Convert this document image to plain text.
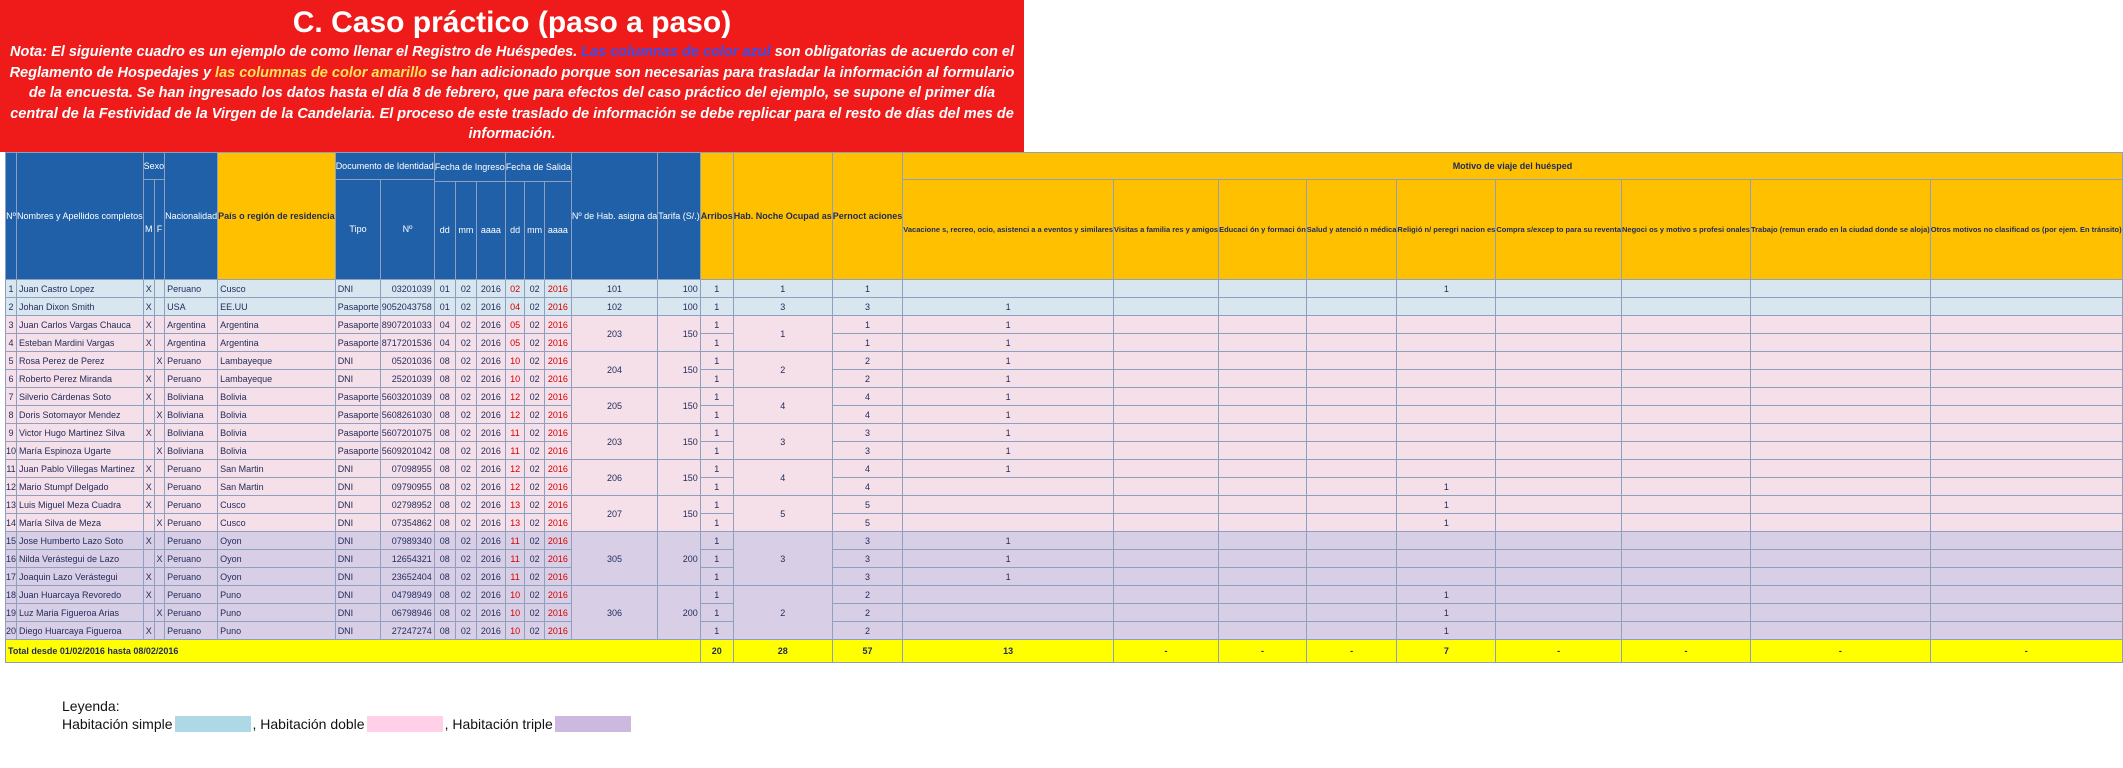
C. Caso práctico (paso a paso)

Nota: El siguiente cuadro es un ejemplo de como llenar el Registro de Huéspedes. Las columnas de color azul son obligatorias de acuerdo con el Reglamento de Hospedajes y las columnas de color amarillo se han adicionado porque son necesarias para trasladar la información al formulario de la encuesta. Se han ingresado los datos hasta el día 8 de febrero, que para efectos del caso práctico del ejemplo, se supone el primer día central de la Festividad de la Virgen de la Candelaria. El proceso de este traslado de información se debe replicar para el resto de días del mes de información.

Nº	Nombres y Apellidos completos	Sexo		Nacionalidad	País o región de residencia	Documento de Identidad		Fecha de Ingreso			Fecha de Salida			Nº de Hab. asigna da	Tarifa (S/.)	Arribos	Hab. Noche Ocupad as	Pernoct aciones	Motivo de viaje del huésped								
		M	F			Tipo	Nº												Vacacione s, recreo, ocio, asistenci a a eventos y similares	Visitas a familia res y amigos	Educaci ón y formaci ón	Salud y atenció n médica	Religió n/ peregri nacion es	Compra s/excep to para su reventa	Negoci os y motivo s profesi onales	Trabajo (remun erado en la ciudad donde se aloja)	Otros motivos no clasificad os (por ejem. En tránsito)
								dd	mm	aaaa	dd	mm	aaaa														
1	Juan Castro Lopez	X		Peruano	Cusco	DNI	03201039	01	02	2016	02	02	2016	101	100	1	1	1					1				
2	Johan Dixon Smith	X		USA	EE.UU	Pasaporte	9052043758	01	02	2016	04	02	2016	102	100	1	3	3	1								
3	Juan Carlos Vargas Chauca	X		Argentina	Argentina	Pasaporte	8907201033	04	02	2016	05	02	2016	203	150	1	1	1	1								
4	Esteban Mardini Vargas	X		Argentina	Argentina	Pasaporte	8717201536	04	02	2016	05	02	2016			1		1	1								
5	Rosa Perez de Perez		X	Peruano	Lambayeque	DNI	05201036	08	02	2016	10	02	2016	204	150	1	2	2	1								
6	Roberto Perez Miranda	X		Peruano	Lambayeque	DNI	25201039	08	02	2016	10	02	2016			1		2	1								
7	Silverio Cárdenas Soto	X		Boliviana	Bolivia	Pasaporte	5603201039	08	02	2016	12	02	2016	205	150	1	4	4	1								
8	Doris Sotomayor Mendez		X	Boliviana	Bolivia	Pasaporte	5608261030	08	02	2016	12	02	2016			1		4	1								
9	Victor Hugo Martinez Silva	X		Boliviana	Bolivia	Pasaporte	5607201075	08	02	2016	11	02	2016	203	150	1	3	3	1								
10	María Espinoza Ugarte		X	Boliviana	Bolivia	Pasaporte	5609201042	08	02	2016	11	02	2016			1		3	1								
11	Juan Pablo Villegas Martinez	X		Peruano	San Martin	DNI	07098955	08	02	2016	12	02	2016	206	150	1	4	4	1								
12	Mario Stumpf Delgado	X		Peruano	San Martin	DNI	09790955	08	02	2016	12	02	2016			1		4					1				
13	Luis Miguel Meza Cuadra	X		Peruano	Cusco	DNI	02798952	08	02	2016	13	02	2016	207	150	1	5	5					1				
14	María Silva de Meza		X	Peruano	Cusco	DNI	07354862	08	02	2016	13	02	2016			1		5					1				
15	Jose Humberto Lazo Soto	X		Peruano	Oyon	DNI	07989340	08	02	2016	11	02	2016	305	200	1	3	3	1								
16	Nilda Verástegui de Lazo		X	Peruano	Oyon	DNI	12654321	08	02	2016	11	02	2016			1		3	1								
17	Joaquin Lazo Verástegui	X		Peruano	Oyon	DNI	23652404	08	02	2016	11	02	2016			1		3	1								
18	Juan Huarcaya Revoredo	X		Peruano	Puno	DNI	04798949	08	02	2016	10	02	2016	306	200	1	2	2					1				
19	Luz Maria Figueroa Arias		X	Peruano	Puno	DNI	06798946	08	02	2016	10	02	2016			1		2					1				
20	Diego Huarcaya Figueroa	X		Peruano	Puno	DNI	27247274	08	02	2016	10	02	2016			1		2					1				
Total desde 01/02/2016 hasta 08/02/2016																20	28	57	13	-	-	-	7	-	-	-	-
Leyenda:
Habitación simple	, Habitación doble	, Habitación triple
